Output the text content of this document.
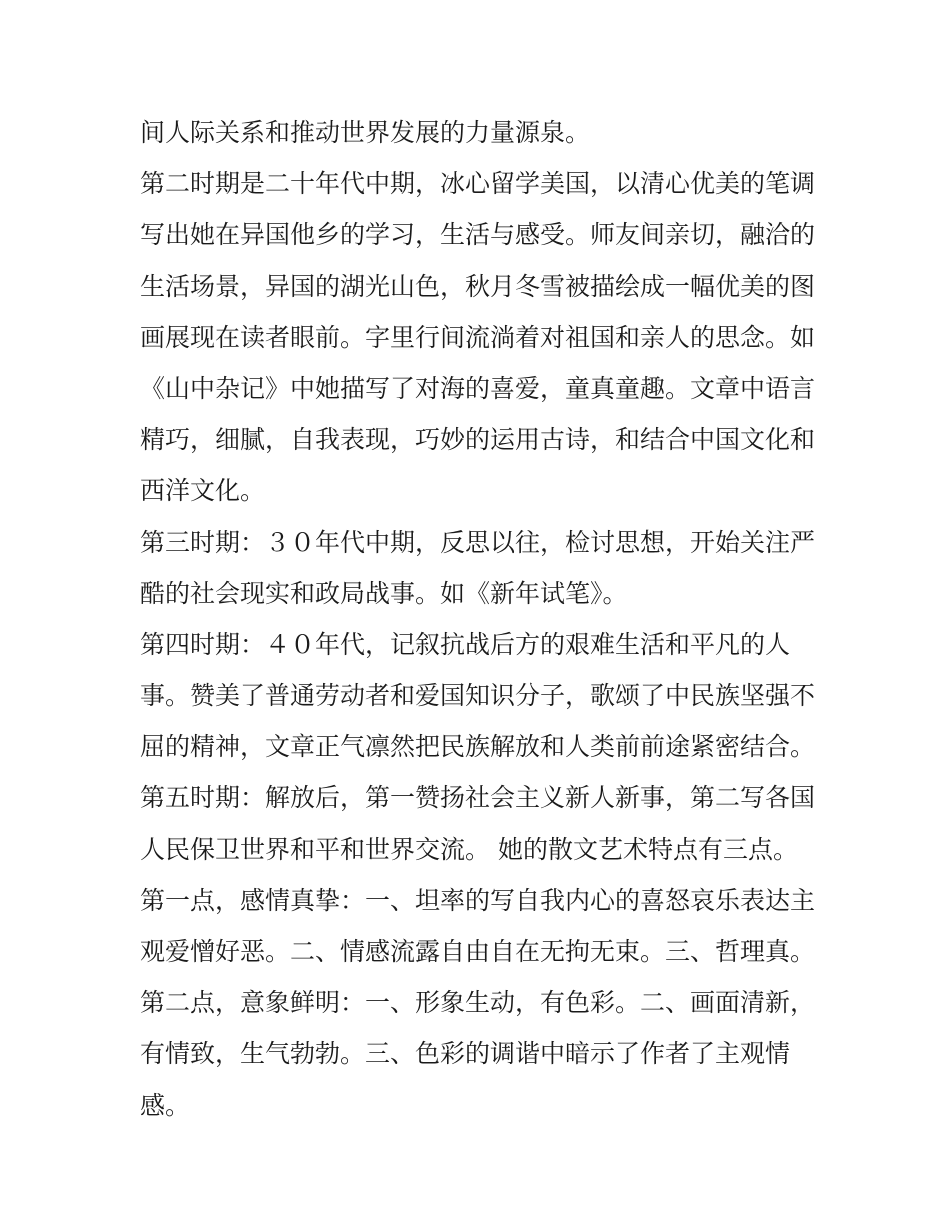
间人际关系和推动世界发展的力量源泉。
第二时期是二十年代中期，冰心留学美国，以清心优美的笔调
写出她在异国他乡的学习，生活与感受。师友间亲切，融洽的
生活场景，异国的湖光山色，秋月冬雪被描绘成一幅优美的图
画展现在读者眼前。字里行间流淌着对祖国和亲人的思念。如
《山中杂记》中她描写了对海的喜爱，童真童趣。文章中语言
精巧，细腻，自我表现，巧妙的运用古诗，和结合中国文化和
西洋文化。
第三时期：３０年代中期，反思以往，检讨思想，开始关注严
酷的社会现实和政局战事。如《新年试笔》。
第四时期：４０年代，记叙抗战后方的艰难生活和平凡的人
事。赞美了普通劳动者和爱国知识分子，歌颂了中民族坚强不
屈的精神，文章正气凛然把民族解放和人类前前途紧密结合。
第五时期：解放后，第一赞扬社会主义新人新事，第二写各国
人民保卫世界和平和世界交流。 她的散文艺术特点有三点。
第一点，感情真挚：一、坦率的写自我内心的喜怒哀乐表达主
观爱憎好恶。二、情感流露自由自在无拘无束。三、哲理真。
第二点，意象鲜明：一、形象生动，有色彩。二、画面清新，
有情致，生气勃勃。三、色彩的调谐中暗示了作者了主观情
感。
